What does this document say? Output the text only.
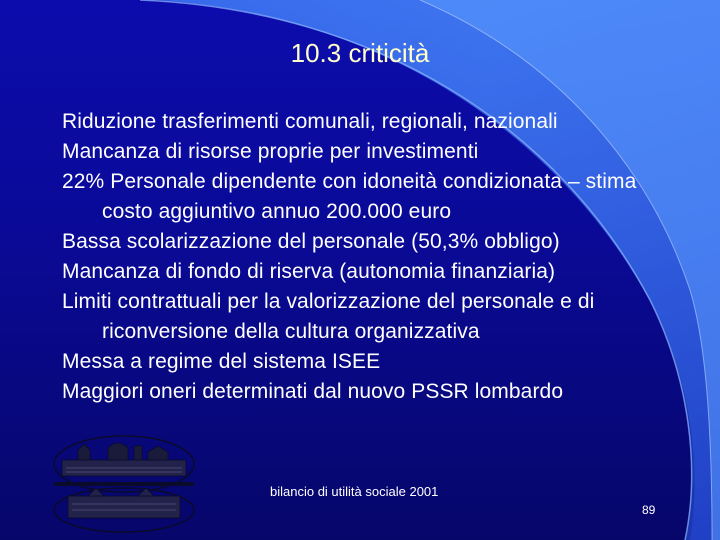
10.3 criticità
Riduzione trasferimenti comunali, regionali, nazionali
Mancanza di risorse proprie per investimenti
22% Personale dipendente con idoneità condizionata – stima costo aggiuntivo annuo 200.000 euro
Bassa scolarizzazione del personale (50,3% obbligo)
Mancanza di fondo di riserva (autonomia finanziaria)
Limiti contrattuali per la valorizzazione del personale e di riconversione della cultura organizzativa
Messa a regime del sistema ISEE
Maggiori oneri determinati dal nuovo PSSR lombardo
bilancio di utilità sociale 2001
89
